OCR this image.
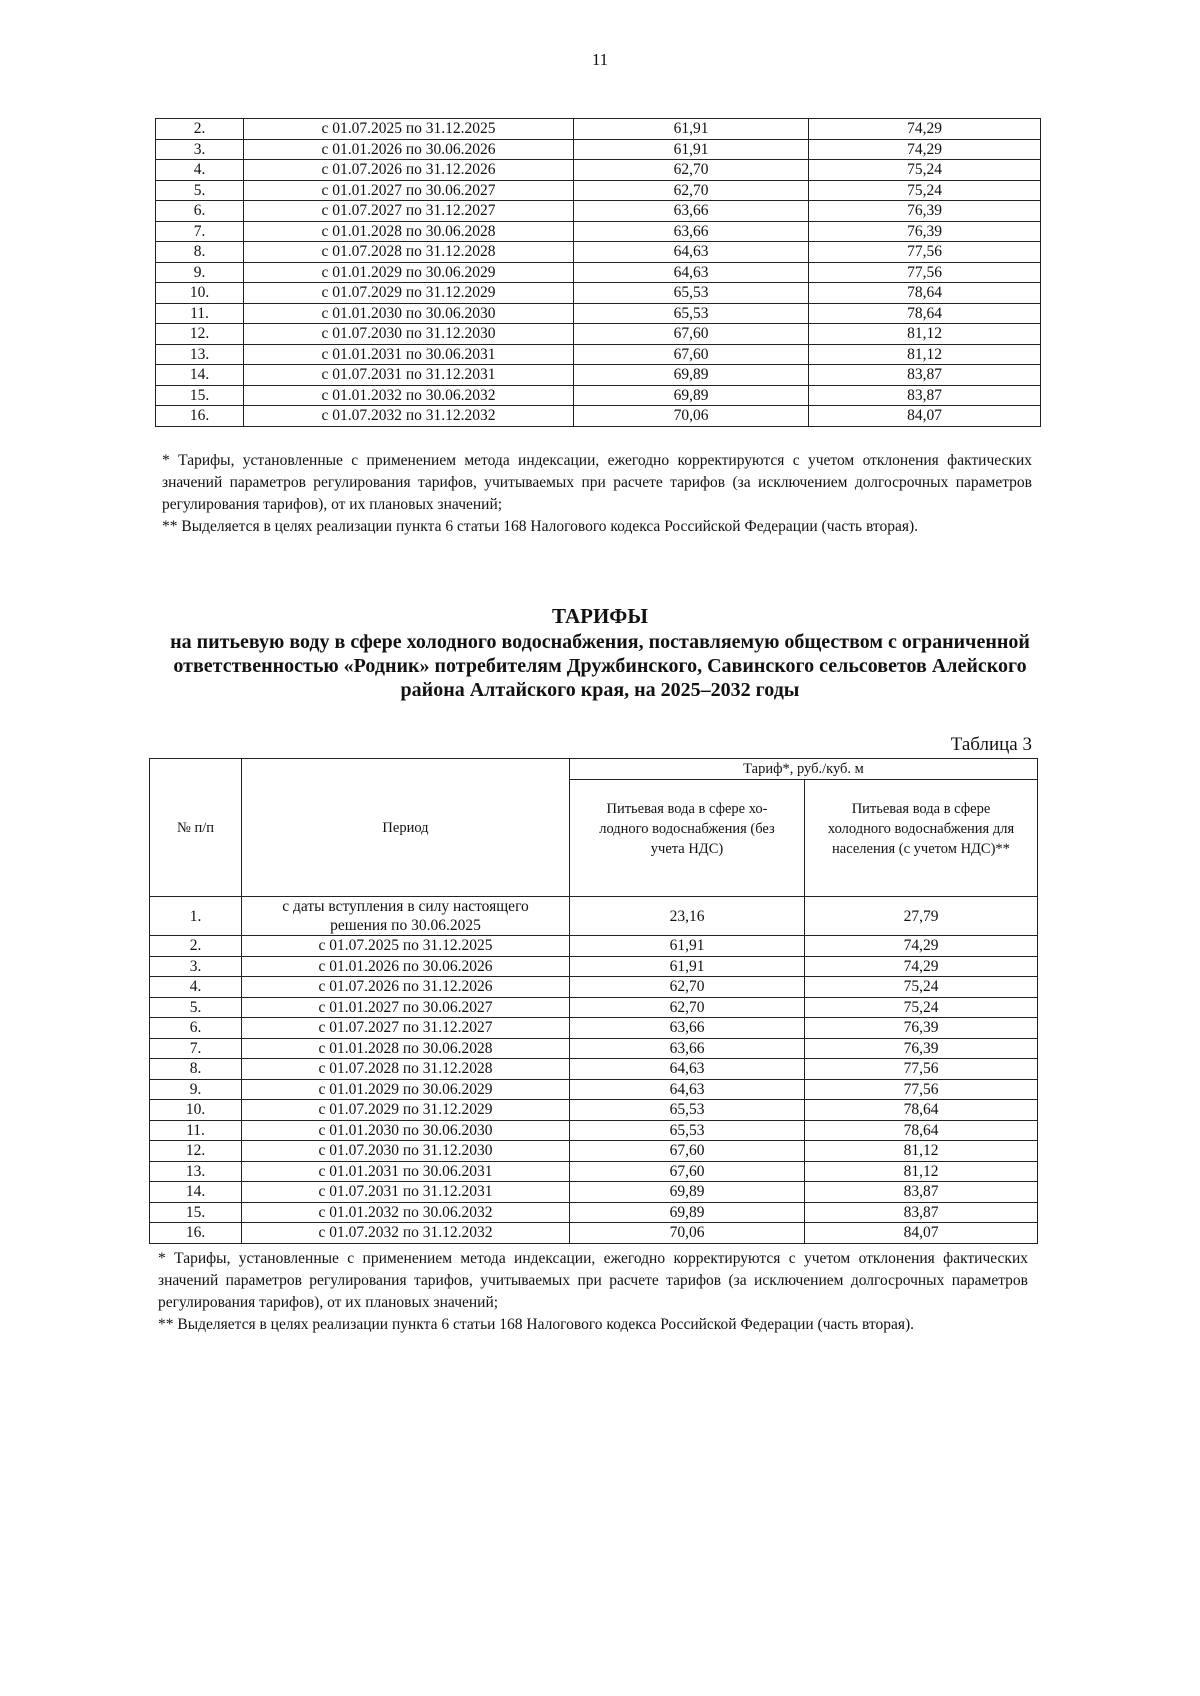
11
2.	с 01.07.2025 по 31.12.2025	61,91	74,29
3.	с 01.01.2026 по 30.06.2026	61,91	74,29
4.	с 01.07.2026 по 31.12.2026	62,70	75,24
5.	с 01.01.2027 по 30.06.2027	62,70	75,24
6.	с 01.07.2027 по 31.12.2027	63,66	76,39
7.	с 01.01.2028 по 30.06.2028	63,66	76,39
8.	с 01.07.2028 по 31.12.2028	64,63	77,56
9.	с 01.01.2029 по 30.06.2029	64,63	77,56
10.	с 01.07.2029 по 31.12.2029	65,53	78,64
11.	с 01.01.2030 по 30.06.2030	65,53	78,64
12.	с 01.07.2030 по 31.12.2030	67,60	81,12
13.	с 01.01.2031 по 30.06.2031	67,60	81,12
14.	с 01.07.2031 по 31.12.2031	69,89	83,87
15.	с 01.01.2032 по 30.06.2032	69,89	83,87
16.	с 01.07.2032 по 31.12.2032	70,06	84,07
* Тарифы, установленные с применением метода индексации, ежегодно корректируются с учетом отклонения фактических значений параметров регулирования тарифов, учитываемых при расчете тарифов (за исключением долгосрочных параметров регулирования тарифов), от их плановых значений;
** Выделяется в целях реализации пункта 6 статьи 168 Налогового кодекса Российской Федерации (часть вторая).
ТАРИФЫ
на питьевую воду в сфере холодного водоснабжения, поставляемую обществом с ограниченной ответственностью «Родник» потребителям Дружбинского, Савинского сельсоветов Алейского района Алтайского края, на 2025–2032 годы
Таблица 3
№ п/п	Период	Тариф*, руб./куб. м	
		Питьевая вода в сфере хо-лодного водоснабжения (без учета НДС)	Питьевая вода в сфере холодного водоснабжения для населения (с учетом НДС)**
1.	с даты вступления в силу настоящего решения по 30.06.2025	23,16	27,79
2.	с 01.07.2025 по 31.12.2025	61,91	74,29
3.	с 01.01.2026 по 30.06.2026	61,91	74,29
4.	с 01.07.2026 по 31.12.2026	62,70	75,24
5.	с 01.01.2027 по 30.06.2027	62,70	75,24
6.	с 01.07.2027 по 31.12.2027	63,66	76,39
7.	с 01.01.2028 по 30.06.2028	63,66	76,39
8.	с 01.07.2028 по 31.12.2028	64,63	77,56
9.	с 01.01.2029 по 30.06.2029	64,63	77,56
10.	с 01.07.2029 по 31.12.2029	65,53	78,64
11.	с 01.01.2030 по 30.06.2030	65,53	78,64
12.	с 01.07.2030 по 31.12.2030	67,60	81,12
13.	с 01.01.2031 по 30.06.2031	67,60	81,12
14.	с 01.07.2031 по 31.12.2031	69,89	83,87
15.	с 01.01.2032 по 30.06.2032	69,89	83,87
16.	с 01.07.2032 по 31.12.2032	70,06	84,07
* Тарифы, установленные с применением метода индексации, ежегодно корректируются с учетом отклонения фактических значений параметров регулирования тарифов, учитываемых при расчете тарифов (за исключением долгосрочных параметров регулирования тарифов), от их плановых значений;
** Выделяется в целях реализации пункта 6 статьи 168 Налогового кодекса Российской Федерации (часть вторая).
